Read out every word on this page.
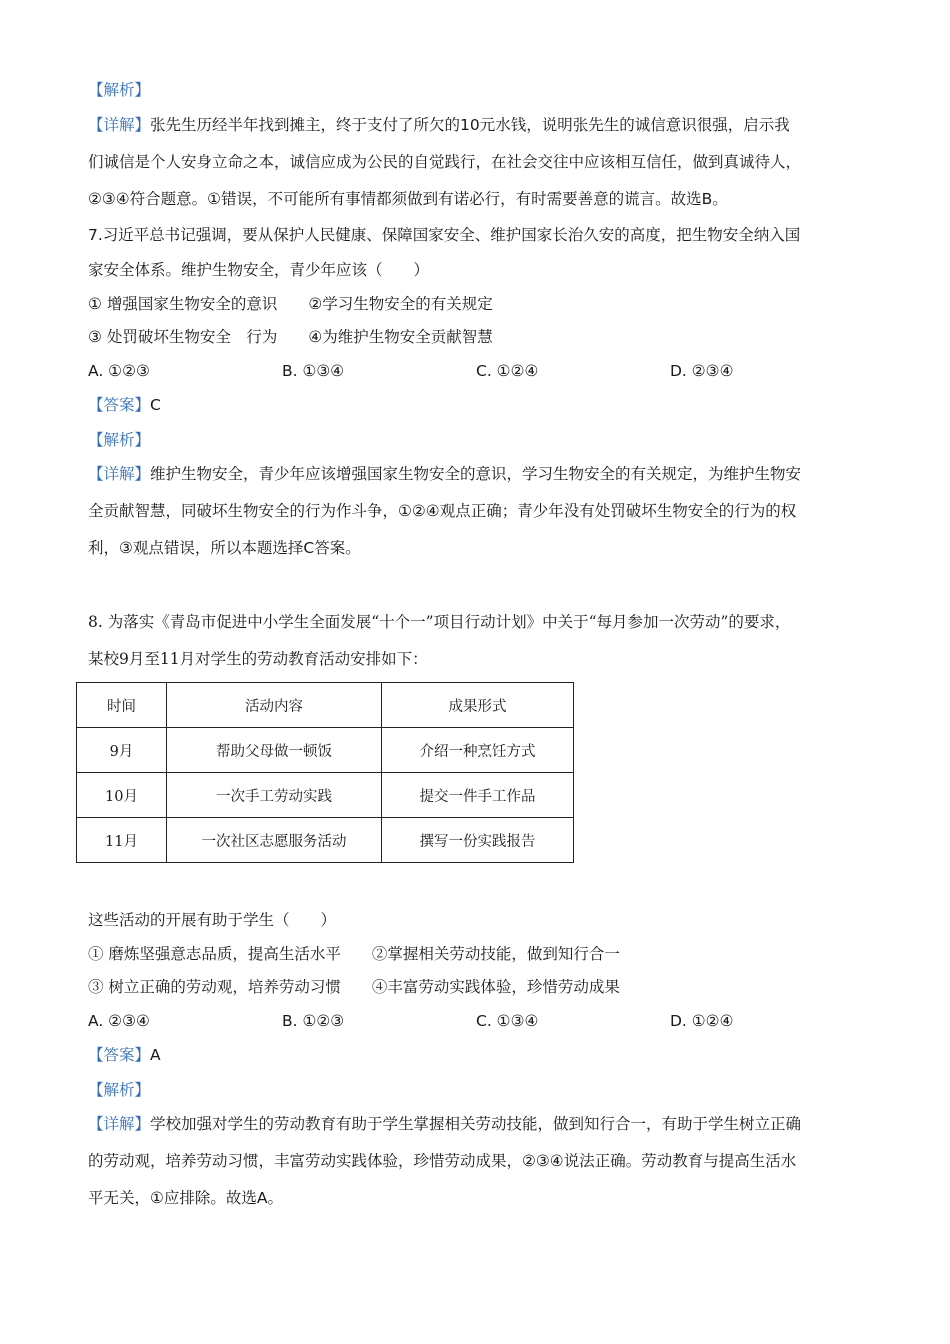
【解析】
【详解】张先生历经半年找到摊主，终于支付了所欠的10元水钱，说明张先生的诚信意识很强，启示我
们诚信是个人安身立命之本，诚信应成为公民的自觉践行，在社会交往中应该相互信任，做到真诚待人，
②③④符合题意。①错误，不可能所有事情都须做到有诺必行，有时需要善意的谎言。故选B。
7.习近平总书记强调，要从保护人民健康、保障国家安全、维护国家长治久安的高度，把生物安全纳入国
家安全体系。维护生物安全，青少年应该（　　）
① 增强国家生物安全的意识　　②学习生物安全的有关规定
③ 处罚破坏生物安全　行为　　④为维护生物安全贡献智慧
A. ①②③	B. ①③④	C. ①②④	D. ②③④
【答案】C
【解析】
【详解】维护生物安全，青少年应该增强国家生物安全的意识，学习生物安全的有关规定，为维护生物安
全贡献智慧，同破坏生物安全的行为作斗争，①②④观点正确；青少年没有处罚破坏生物安全的行为的权
利，③观点错误，所以本题选择C答案。
8. 为落实《青岛市促进中小学生全面发展“十个一”项目行动计划》中关于“每月参加一次劳动”的要求，
某校9月至11月对学生的劳动教育活动安排如下：
时间	活动内容	成果形式
9月	帮助父母做一顿饭	介绍一种烹饪方式
10月	一次手工劳动实践	提交一件手工作品
11月	一次社区志愿服务活动	撰写一份实践报告
这些活动的开展有助于学生（　　）
① 磨炼坚强意志品质，提高生活水平　　②掌握相关劳动技能，做到知行合一
③ 树立正确的劳动观，培养劳动习惯　　④丰富劳动实践体验，珍惜劳动成果
A. ②③④	B. ①②③	C. ①③④	D. ①②④
【答案】A
【解析】
【详解】学校加强对学生的劳动教育有助于学生掌握相关劳动技能，做到知行合一，有助于学生树立正确
的劳动观，培养劳动习惯，丰富劳动实践体验，珍惜劳动成果，②③④说法正确。劳动教育与提高生活水
平无关，①应排除。故选A。
